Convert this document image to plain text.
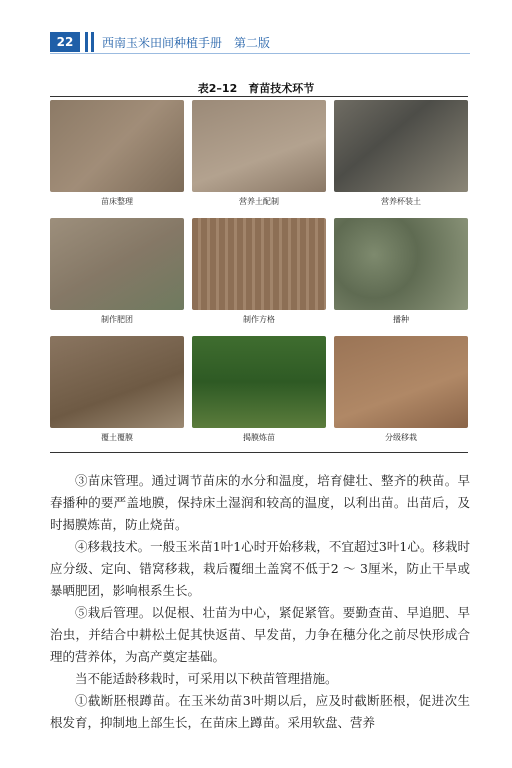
22	西南玉米田间种植手册　第二版
表2–12　育苗技术环节
苗床整理	营养土配制	营养杯装土
制作肥团	制作方格	播种
覆土覆膜	揭膜炼苗	分级移栽

③苗床管理。通过调节苗床的水分和温度，培育健壮、整齐的秧苗。早春播种的要严盖地膜，保持床土湿润和较高的温度，以利出苗。出苗后，及时揭膜炼苗，防止烧苗。

④移栽技术。一般玉米苗1叶1心时开始移栽，不宜超过3叶1心。移栽时应分级、定向、错窝移栽，栽后覆细土盖窝不低于2 ～ 3厘米，防止干旱或暴晒肥团，影响根系生长。

⑤栽后管理。以促根、壮苗为中心，紧促紧管。要勤查苗、早追肥、早治虫，并结合中耕松土促其快返苗、早发苗，力争在穗分化之前尽快形成合理的营养体，为高产奠定基础。

当不能适龄移栽时，可采用以下秧苗管理措施。

①截断胚根蹲苗。在玉米幼苗3叶期以后，应及时截断胚根，促进次生根发育，抑制地上部生长，在苗床上蹲苗。采用软盘、营养
